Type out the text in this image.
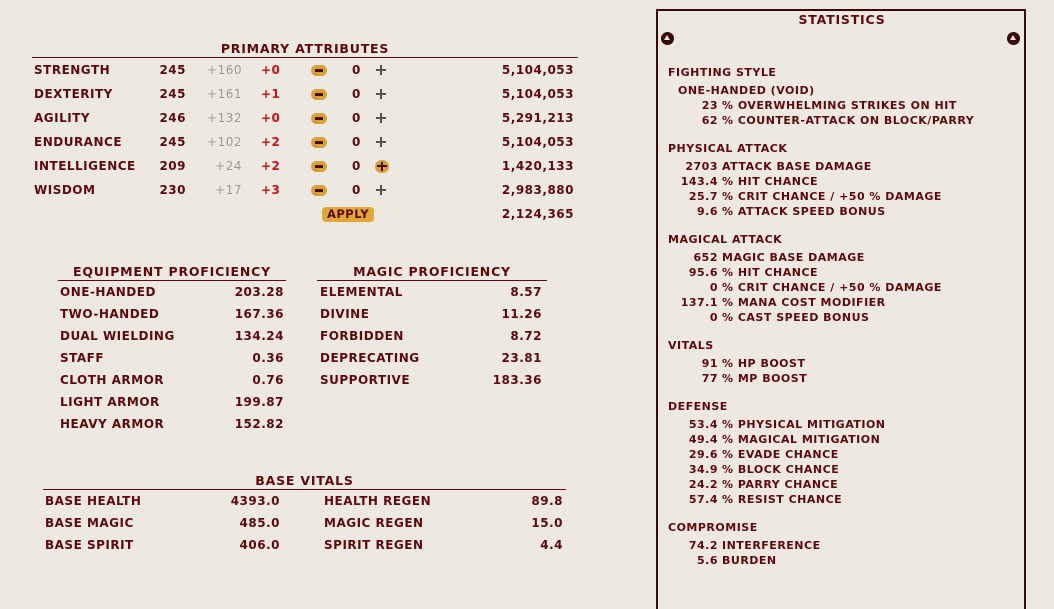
PRIMARY ATTRIBUTES
STRENGTH	245	+160 +0	0	5,104,053
DEXTERITY	245	+161 +1	0	5,104,053
AGILITY	246	+132 +0	0	5,291,213
ENDURANCE	245	+102 +2	0	5,104,053
INTELLIGENCE	209	+24 +2	0	1,420,133
WISDOM	230	+17 +3	0	2,983,880
APPLY	2,124,365
EQUIPMENT PROFICIENCY
ONE-HANDED	203.28
TWO-HANDED	167.36
DUAL WIELDING	134.24
STAFF	0.36
CLOTH ARMOR	0.76
LIGHT ARMOR	199.87
HEAVY ARMOR	152.82
MAGIC PROFICIENCY
ELEMENTAL	8.57
DIVINE	11.26
FORBIDDEN	8.72
DEPRECATING	23.81
SUPPORTIVE	183.36
BASE VITALS
BASE HEALTH	4393.0	HEALTH REGEN	89.8
BASE MAGIC	485.0	MAGIC REGEN	15.0
BASE SPIRIT	406.0	SPIRIT REGEN	4.4
STATISTICS
FIGHTING STYLE
ONE-HANDED (VOID)
23 % OVERWHELMING STRIKES ON HIT
62 % COUNTER-ATTACK ON BLOCK/PARRY
PHYSICAL ATTACK
2703 ATTACK BASE DAMAGE
143.4 % HIT CHANCE
25.7 % CRIT CHANCE / +50 % DAMAGE
9.6 % ATTACK SPEED BONUS
MAGICAL ATTACK
652 MAGIC BASE DAMAGE
95.6 % HIT CHANCE
0 % CRIT CHANCE / +50 % DAMAGE
137.1 % MANA COST MODIFIER
0 % CAST SPEED BONUS
VITALS
91 % HP BOOST
77 % MP BOOST
DEFENSE
53.4 % PHYSICAL MITIGATION
49.4 % MAGICAL MITIGATION
29.6 % EVADE CHANCE
34.9 % BLOCK CHANCE
24.2 % PARRY CHANCE
57.4 % RESIST CHANCE
COMPROMISE
74.2 INTERFERENCE
5.6 BURDEN
